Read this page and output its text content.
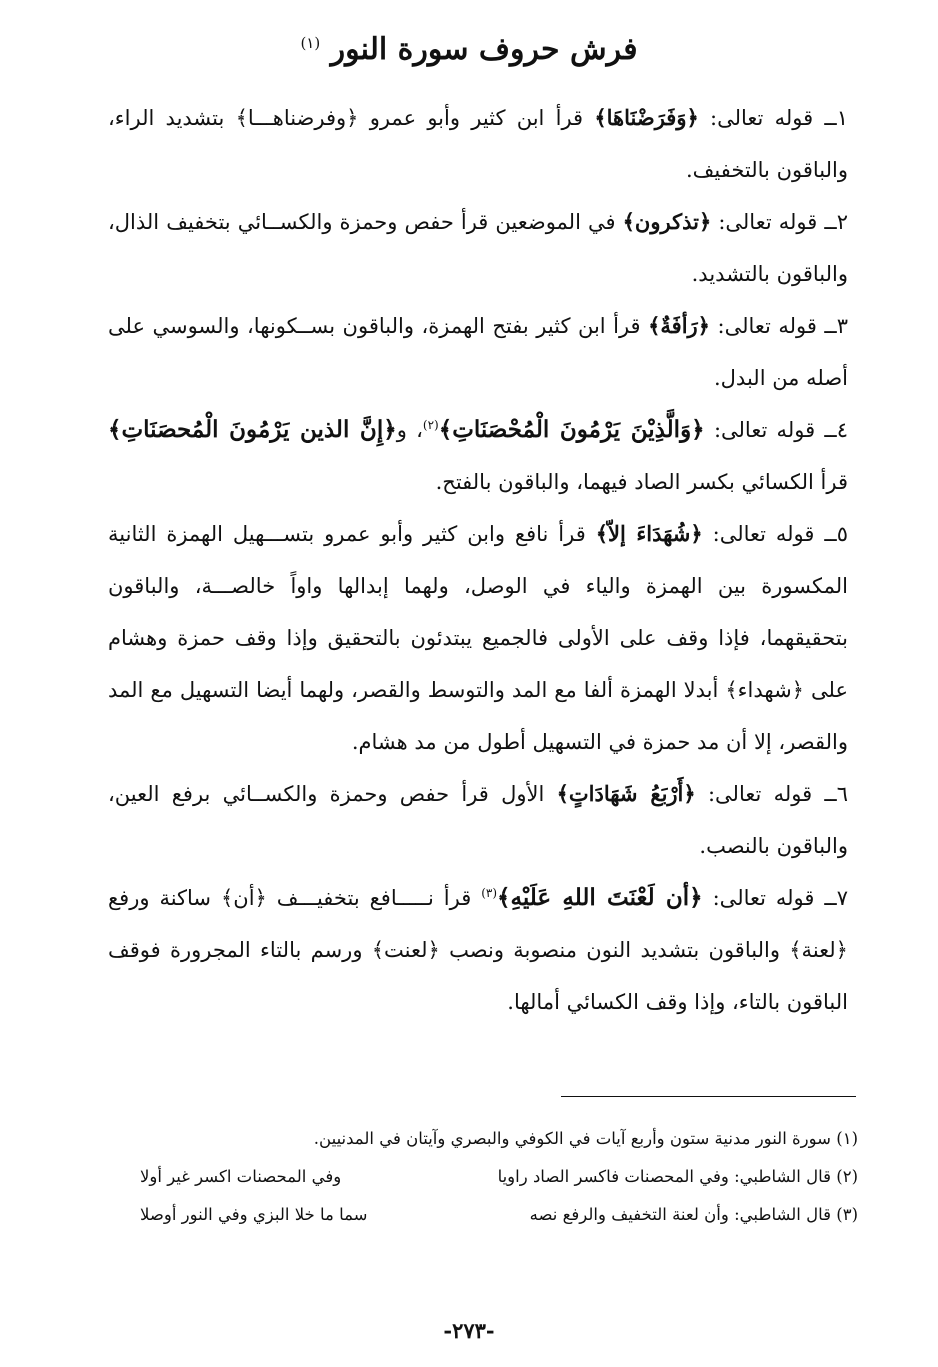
فرش حروف سورة النور $^{(١)}$

١ــ قوله تعالى: ﴿وَفَرَضْنَاهَا﴾ قرأ ابن كثير وأبو عمرو ﴿وفرضناهـــا﴾ بتشديد الراء، والباقون بالتخفيف.

٢ــ قوله تعالى: ﴿تذكرون﴾ في الموضعين قرأ حفص وحمزة والكســائي بتخفيف الذال، والباقون بالتشديد.

٣ــ قوله تعالى: ﴿رَأفَةٌ﴾ قرأ ابن كثير بفتح الهمزة، والباقون بســكونها، والسوسي على أصله من البدل.

٤ــ قوله تعالى: ﴿وَالَّذِيْنَ يَرْمُونَ الْمُحْصَنَاتِ﴾$^{(٢)}$، و﴿إِنَّ الذين يَرْمُونَ الْمُحصَنَاتِ﴾ قرأ الكسائي بكسر الصاد فيهما، والباقون بالفتح.

٥ــ قوله تعالى: ﴿شُهَدَاءَ إلاّ﴾ قرأ نافع وابن كثير وأبو عمرو بتســـهيل الهمزة الثانية المكسورة بين الهمزة والياء في الوصل، ولهما إبدالها واواً خالصـــة، والباقون بتحقيقهما، فإذا وقف على الأولى فالجميع يبتدئون بالتحقيق وإذا وقف حمزة وهشام على ﴿شهداء﴾ أبدلا الهمزة ألفا مع المد والتوسط والقصر، ولهما أيضا التسهيل مع المد والقصر، إلا أن مد حمزة في التسهيل أطول من مد هشام.

٦ــ قوله تعالى: ﴿أَرْبَعُ شَهَادَاتٍ﴾ الأول قرأ حفص وحمزة والكســائي برفع العين، والباقون بالنصب.

٧ــ قوله تعالى: ﴿أن لَعْنَتَ اللهِ عَلَيْهِ﴾$^{(٣)}$ قرأ نـــــافع بتخفيـــف ﴿أن﴾ ساكنة ورفع ﴿لعنة﴾ والباقون بتشديد النون منصوبة ونصب ﴿لعنت﴾ ورسم بالتاء المجرورة فوقف الباقون بالتاء، وإذا وقف الكسائي أمالها.

(١) سورة النور مدنية ستون وأربع آيات في الكوفي والبصري وآيتان في المدنيين.
(٢) قال الشاطبي: وفي المحصنات فاكسر الصاد راويا
وفي المحصنات اكسر غير أولا
(٣) قال الشاطبي: وأن لعنة التخفيف والرفع نصه
سما ما خلا البزي وفي النور أوصلا
-٢٧٣-
